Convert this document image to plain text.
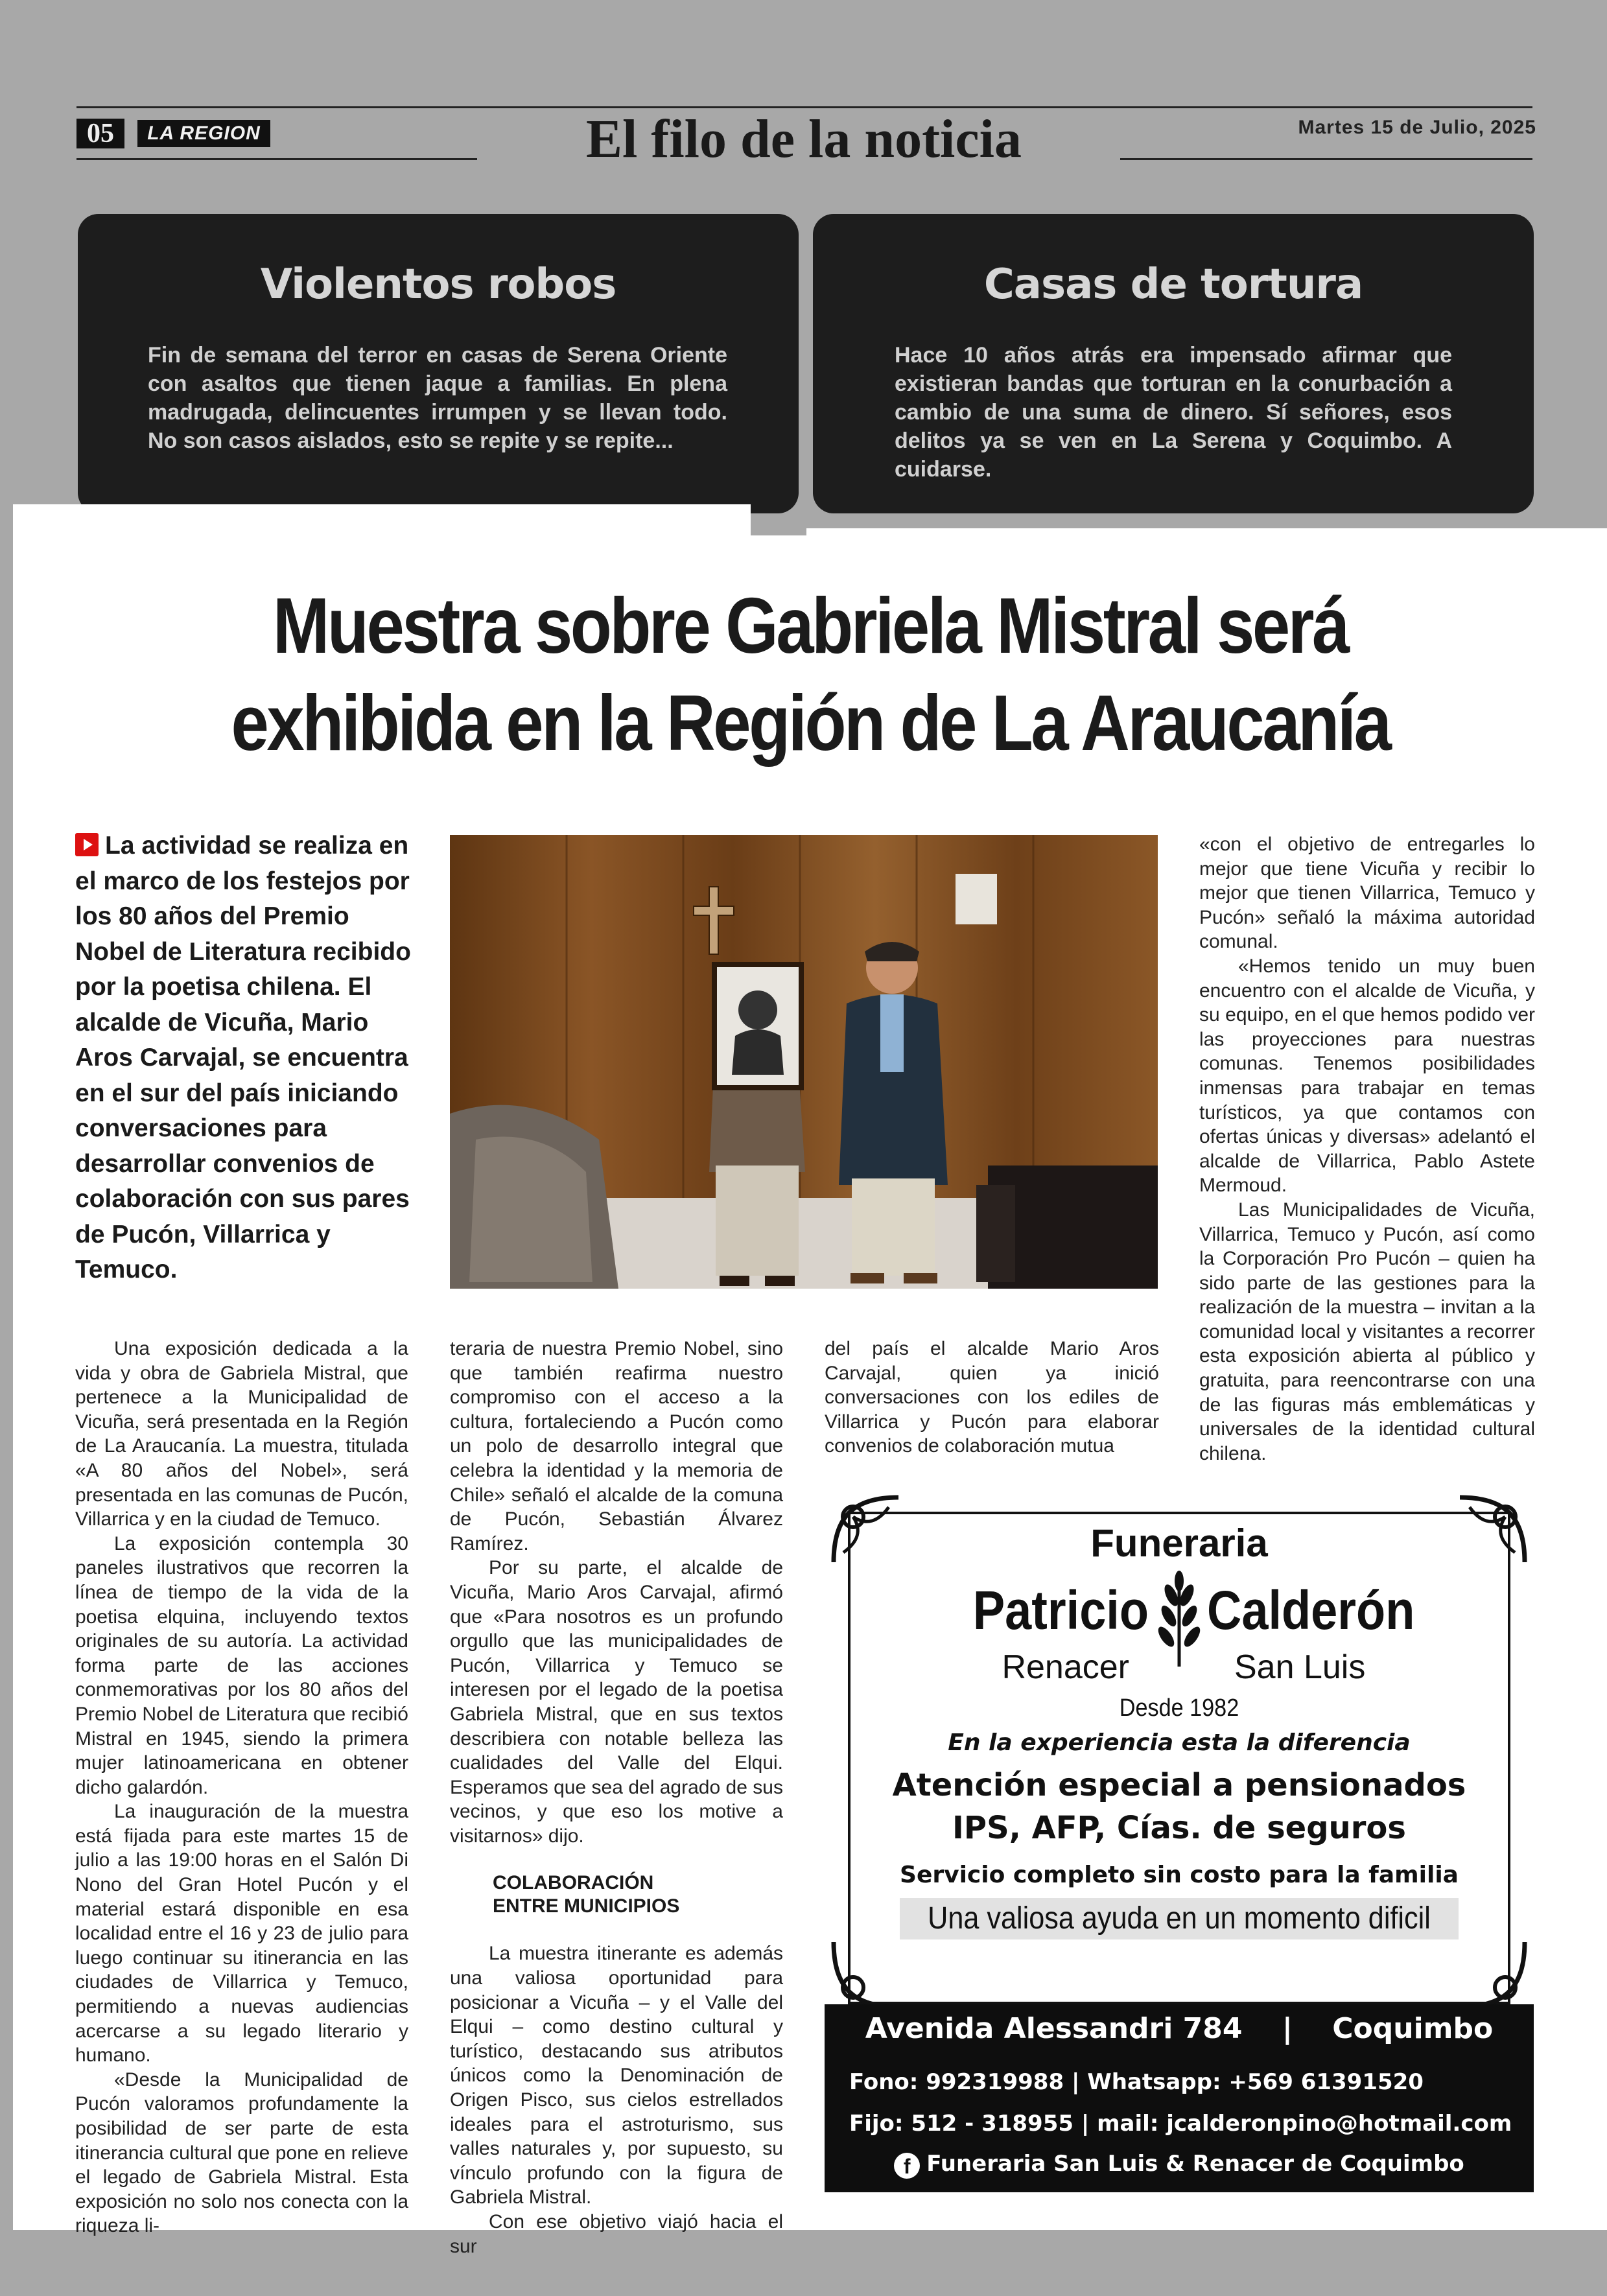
05	LA REGION	El filo de la noticia	Martes 15 de Julio, 2025
Violentos robos

Fin de semana del terror en casas de Serena Oriente con asaltos que tienen jaque a familias. En plena madrugada, delincuentes irrumpen y se llevan todo. No son casos aislados, esto se repite y se repite...

Casas de tortura

Hace 10 años atrás era impensado afirmar que existieran bandas que torturan en la conurbación a cambio de una suma de dinero. Sí señores, esos delitos ya se ven en La Serena y Coquimbo. A cuidarse.

Muestra sobre Gabriela Mistral será
exhibida en la Región de La Araucanía
La actividad se realiza en el marco de los festejos por los 80 años del Premio Nobel de Literatura recibido por la poetisa chilena. El alcalde de Vicuña, Mario Aros Carvajal, se encuentra en el sur del país iniciando conversaciones para desarrollar convenios de colaboración con sus pares de Pucón, Villarrica y Temuco.

Una exposición dedicada a la vida y obra de Gabriela Mistral, que pertenece a la Municipalidad de Vicuña, será presentada en la Región de La Araucanía. La muestra, titulada «A 80 años del Nobel», será presentada en las comunas de Pucón, Villarrica y en la ciudad de Temuco.

La exposición contempla 30 paneles ilustrativos que recorren la línea de tiempo de la vida de la poetisa elquina, incluyendo textos originales de su autoría. La actividad forma parte de las acciones conmemorativas por los 80 años del Premio Nobel de Literatura que recibió Mistral en 1945, siendo la primera mujer latinoamericana en obtener dicho galardón.

La inauguración de la muestra está fijada para este martes 15 de julio a las 19:00 horas en el Salón Di Nono del Gran Hotel Pucón y el material estará disponible en esa localidad entre el 16 y 23 de julio para luego continuar su itinerancia en las ciudades de Villarrica y Temuco, permitiendo a nuevas audiencias acercarse a su legado literario y humano.

«Desde la Municipalidad de Pucón valoramos profundamente la posibilidad de ser parte de esta itinerancia cultural que pone en relieve el legado de Gabriela Mistral. Esta exposición no solo nos conecta con la riqueza li-

teraria de nuestra Premio Nobel, sino que también reafirma nuestro compromiso con el acceso a la cultura, fortaleciendo a Pucón como un polo de desarrollo integral que celebra la identidad y la memoria de Chile» señaló el alcalde de la comuna de Pucón, Sebastián Álvarez Ramírez.

Por su parte, el alcalde de Vicuña, Mario Aros Carvajal, afirmó que «Para nosotros es un profundo orgullo que las municipalidades de Pucón, Villarrica y Temuco se interesen por el legado de la poetisa Gabriela Mistral, que en sus textos describiera con notable belleza las cualidades del Valle del Elqui. Esperamos que sea del agrado de sus vecinos, y que eso los motive a visitarnos» dijo.

COLABORACIÓN
ENTRE MUNICIPIOS

La muestra itinerante es además una valiosa oportunidad para posicionar a Vicuña – y el Valle del Elqui – como destino cultural y turístico, destacando sus atributos únicos como la Denominación de Origen Pisco, sus cielos estrellados ideales para el astroturismo, sus valles naturales y, por supuesto, su vínculo profundo con la figura de Gabriela Mistral.

Con ese objetivo viajó hacia el sur

del país el alcalde Mario Aros Carvajal, quien ya inició conversaciones con los ediles de Villarrica y Pucón para elaborar convenios de colaboración mutua

«con el objetivo de entregarles lo mejor que tiene Vicuña y recibir lo mejor que tienen Villarrica, Temuco y Pucón» señaló la máxima autoridad comunal.

«Hemos tenido un muy buen encuentro con el alcalde de Vicuña, y su equipo, en el que hemos podido ver las proyecciones para nuestras comunas. Tenemos posibilidades inmensas para trabajar en temas turísticos, ya que contamos con ofertas únicas y diversas» adelantó el alcalde de Villarrica, Pablo Astete Mermoud.

Las Municipalidades de Vicuña, Villarrica, Temuco y Pucón, así como la Corporación Pro Pucón – quien ha sido parte de las gestiones para la realización de la muestra – invitan a la comunidad local y visitantes a recorrer esta exposición abierta al público y gratuita, para reencontrarse con una de las figuras más emblemáticas y universales de la identidad cultural chilena.

Funeraria
Patricio Calderón
Renacer	San Luis
Desde 1982
En la experiencia esta la diferencia
Atención especial a pensionados
IPS, AFP, Cías. de seguros
Servicio completo sin costo para la familia
Una valiosa ayuda en un momento dificil
Avenida Alessandri 784 | Coquimbo
Fono: 992319988 | Whatsapp: +569 61391520
Fijo: 512 - 318955 | mail: jcalderonpino@hotmail.com
f Funeraria San Luis & Renacer de Coquimbo
